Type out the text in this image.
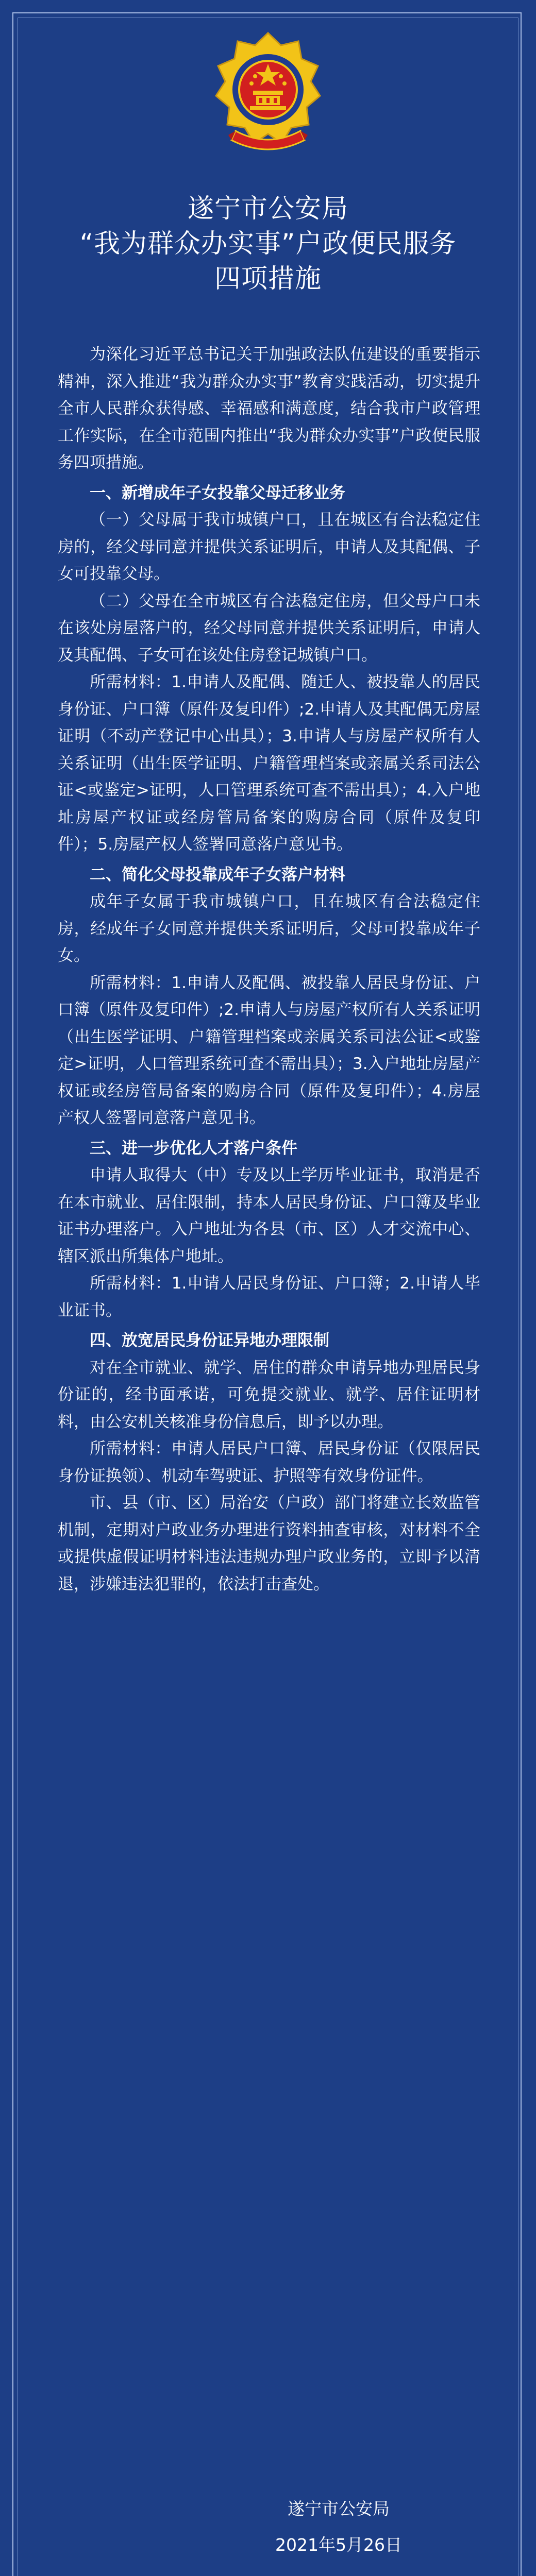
遂宁市公安局
“我为群众办实事”户政便民服务
四项措施

为深化习近平总书记关于加强政法队伍建设的重要指示精神，深入推进“我为群众办实事”教育实践活动，切实提升全市人民群众获得感、幸福感和满意度，结合我市户政管理工作实际，在全市范围内推出“我为群众办实事”户政便民服务四项措施。

一、新增成年子女投靠父母迁移业务

（一）父母属于我市城镇户口，且在城区有合法稳定住房的，经父母同意并提供关系证明后，申请人及其配偶、子女可投靠父母。

（二）父母在全市城区有合法稳定住房，但父母户口未在该处房屋落户的，经父母同意并提供关系证明后，申请人及其配偶、子女可在该处住房登记城镇户口。

所需材料：1.申请人及配偶、随迁人、被投靠人的居民身份证、户口簿（原件及复印件）;2.申请人及其配偶无房屋证明（不动产登记中心出具）；3.申请人与房屋产权所有人关系证明（出生医学证明、户籍管理档案或亲属关系司法公证<或鉴定>证明，人口管理系统可查不需出具）；4.入户地址房屋产权证或经房管局备案的购房合同（原件及复印件）；5.房屋产权人签署同意落户意见书。

二、简化父母投靠成年子女落户材料

成年子女属于我市城镇户口，且在城区有合法稳定住房，经成年子女同意并提供关系证明后，父母可投靠成年子女。

所需材料：1.申请人及配偶、被投靠人居民身份证、户口簿（原件及复印件）;2.申请人与房屋产权所有人关系证明（出生医学证明、户籍管理档案或亲属关系司法公证<或鉴定>证明，人口管理系统可查不需出具）；3.入户地址房屋产权证或经房管局备案的购房合同（原件及复印件）；4.房屋产权人签署同意落户意见书。

三、进一步优化人才落户条件

申请人取得大（中）专及以上学历毕业证书，取消是否在本市就业、居住限制，持本人居民身份证、户口簿及毕业证书办理落户。入户地址为各县（市、区）人才交流中心、辖区派出所集体户地址。

所需材料：1.申请人居民身份证、户口簿；2.申请人毕业证书。

四、放宽居民身份证异地办理限制

对在全市就业、就学、居住的群众申请异地办理居民身份证的，经书面承诺，可免提交就业、就学、居住证明材料，由公安机关核准身份信息后，即予以办理。

所需材料：申请人居民户口簿、居民身份证（仅限居民身份证换领）、机动车驾驶证、护照等有效身份证件。

市、县（市、区）局治安（户政）部门将建立长效监管机制，定期对户政业务办理进行资料抽查审核，对材料不全或提供虚假证明材料违法违规办理户政业务的，立即予以清退，涉嫌违法犯罪的，依法打击查处。

遂宁市公安局
2021年5月26日
